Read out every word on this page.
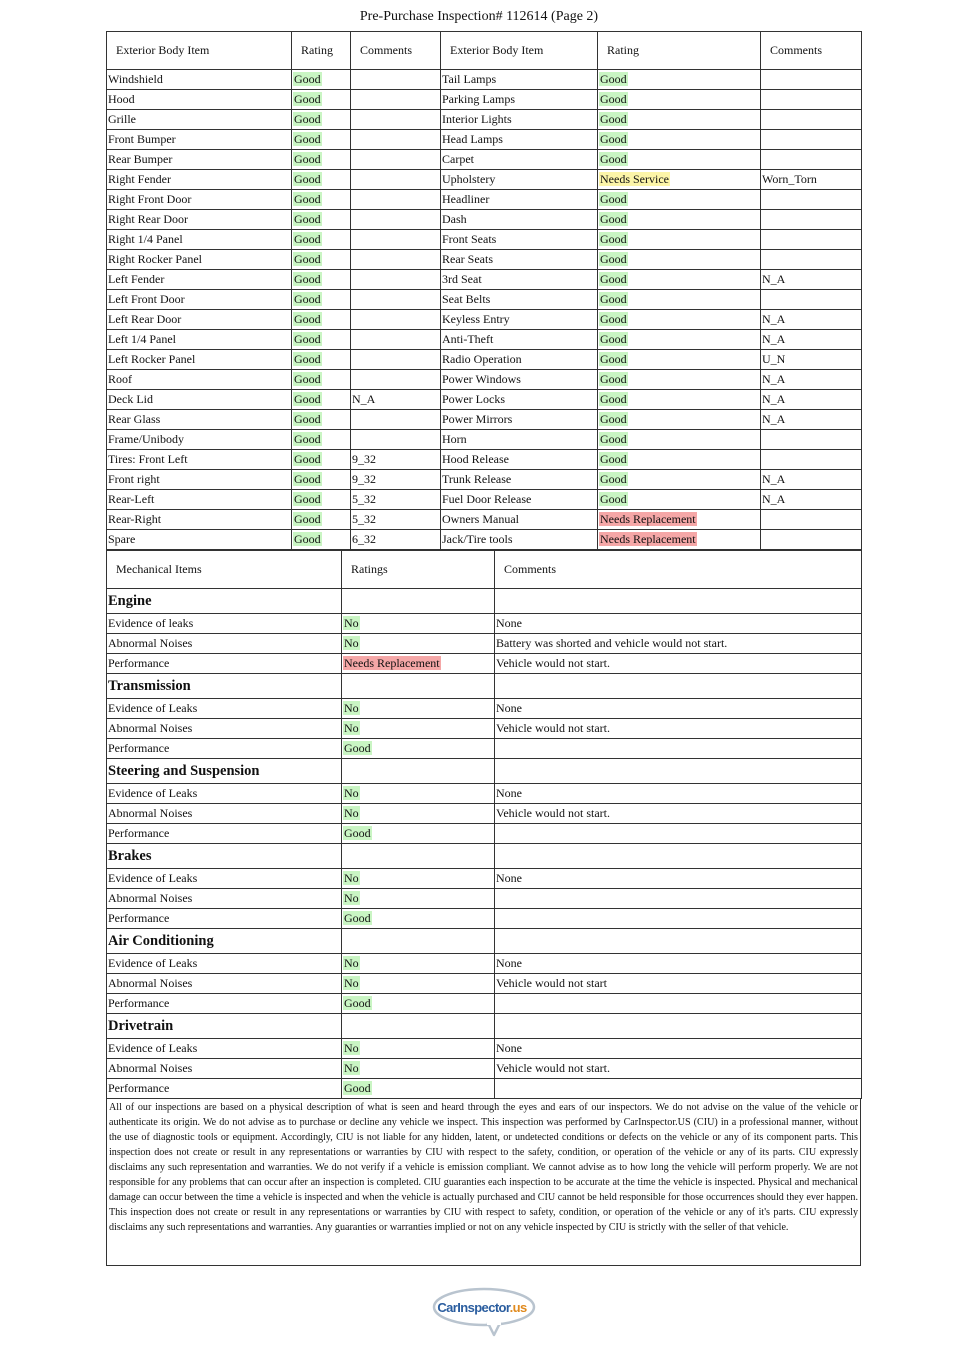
Pre-Purchase Inspection# 112614 (Page 2)
Exterior Body Item	Rating	Comments	Exterior Body Item	Rating	Comments
Windshield	Good		Tail Lamps	Good	
Hood	Good		Parking Lamps	Good	
Grille	Good		Interior Lights	Good	
Front Bumper	Good		Head Lamps	Good	
Rear Bumper	Good		Carpet	Good	
Right Fender	Good		Upholstery	Needs Service	Worn_Torn
Right Front Door	Good		Headliner	Good	
Right Rear Door	Good		Dash	Good	
Right 1/4 Panel	Good		Front Seats	Good	
Right Rocker Panel	Good		Rear Seats	Good	
Left Fender	Good		3rd Seat	Good	N_A
Left Front Door	Good		Seat Belts	Good	
Left Rear Door	Good		Keyless Entry	Good	N_A
Left 1/4 Panel	Good		Anti-Theft	Good	N_A
Left Rocker Panel	Good		Radio Operation	Good	U_N
Roof	Good		Power Windows	Good	N_A
Deck Lid	Good	N_A	Power Locks	Good	N_A
Rear Glass	Good		Power Mirrors	Good	N_A
Frame/Unibody	Good		Horn	Good	
Tires: Front Left	Good	9_32	Hood Release	Good	
Front right	Good	9_32	Trunk Release	Good	N_A
Rear-Left	Good	5_32	Fuel Door Release	Good	N_A
Rear-Right	Good	5_32	Owners Manual	Needs Replacement	
Spare	Good	6_32	Jack/Tire tools	Needs Replacement	
Mechanical Items	Ratings	Comments
Engine		
Evidence of leaks	No	None
Abnormal Noises	No	Battery was shorted and vehicle would not start.
Performance	Needs Replacement	Vehicle would not start.
Transmission		
Evidence of Leaks	No	None
Abnormal Noises	No	Vehicle would not start.
Performance	Good	
Steering and Suspension		
Evidence of Leaks	No	None
Abnormal Noises	No	Vehicle would not start.
Performance	Good	
Brakes		
Evidence of Leaks	No	None
Abnormal Noises	No	
Performance	Good	
Air Conditioning		
Evidence of Leaks	No	None
Abnormal Noises	No	Vehicle would not start
Performance	Good	
Drivetrain		
Evidence of Leaks	No	None
Abnormal Noises	No	Vehicle would not start.
Performance	Good	
All of our inspections are based on a physical description of what is seen and heard through the eyes and ears of our inspectors. We do not advise on the value of the vehicle or authenticate its origin. We do not advise as to purchase or decline any vehicle we inspect. This inspection was performed by CarInspector.US (CIU) in a professional manner, without the use of diagnostic tools or equipment. Accordingly, CIU is not liable for any hidden, latent, or undetected conditions or defects on the vehicle or any of its component parts. This inspection does not create or result in any representations or warranties by CIU with respect to the safety, condition, or operation of the vehicle or any of its parts. CIU expressly disclaims any such representation and warranties. We do not verify if a vehicle is emission compliant. We cannot advise as to how long the vehicle will perform properly. We are not responsible for any problems that can occur after an inspection is completed. CIU guaranties each inspection to be accurate at the time the vehicle is inspected. Physical and mechanical damage can occur between the time a vehicle is inspected and when the vehicle is actually purchased and CIU cannot be held responsible for those occurrences should they ever happen. This inspection does not create or result in any representations or warranties by CIU with respect to safety, condition, or operation of the vehicle or any of it's parts. CIU expressly disclaims any such representations and warranties. Any guaranties or warranties implied or not on any vehicle inspected by CIU is strictly with the seller of that vehicle.
CarInspector.us
